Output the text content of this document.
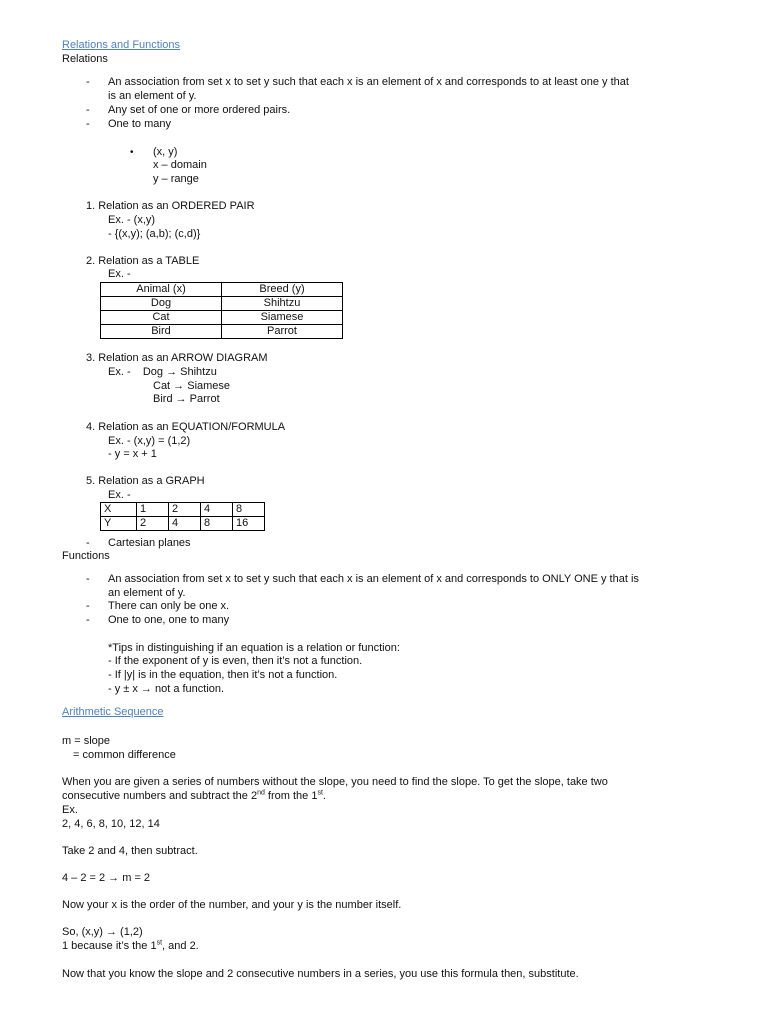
Relations and Functions
Relations
- An association from set x to set y such that each x is an element of x and corresponds to at least one y that
is an element of y.
- Any set of one or more ordered pairs.
- One to many
• (x, y)
x – domain
y – range
1. Relation as an ORDERED PAIR
Ex. - (x,y)
- {(x,y); (a,b); (c,d)}
2. Relation as a TABLE
Ex. -
Animal (x)	Breed (y)
Dog	Shihtzu
Cat	Siamese
Bird	Parrot
3. Relation as an ARROW DIAGRAM
Ex. -    Dog → Shihtzu
Cat → Siamese
Bird → Parrot
4. Relation as an EQUATION/FORMULA
Ex. - (x,y) = (1,2)
- y = x + 1
5. Relation as a GRAPH
Ex. -
X	1	2	4	8
Y	2	4	8	16
- Cartesian planes
Functions
- An association from set x to set y such that each x is an element of x and corresponds to ONLY ONE y that is
an element of y.
- There can only be one x.
- One to one, one to many
*Tips in distinguishing if an equation is a relation or function:
- If the exponent of y is even, then it’s not a function.
- If |y| is in the equation, then it’s not a function.
- y ± x → not a function.
Arithmetic Sequence
m = slope
= common difference
When you are given a series of numbers without the slope, you need to find the slope. To get the slope, take two
consecutive numbers and subtract the 2nd from the 1st.
Ex.
2, 4, 6, 8, 10, 12, 14
Take 2 and 4, then subtract.
4 – 2 = 2 → m = 2
Now your x is the order of the number, and your y is the number itself.
So, (x,y) → (1,2)
1 because it’s the 1st, and 2.
Now that you know the slope and 2 consecutive numbers in a series, you use this formula then, substitute.
